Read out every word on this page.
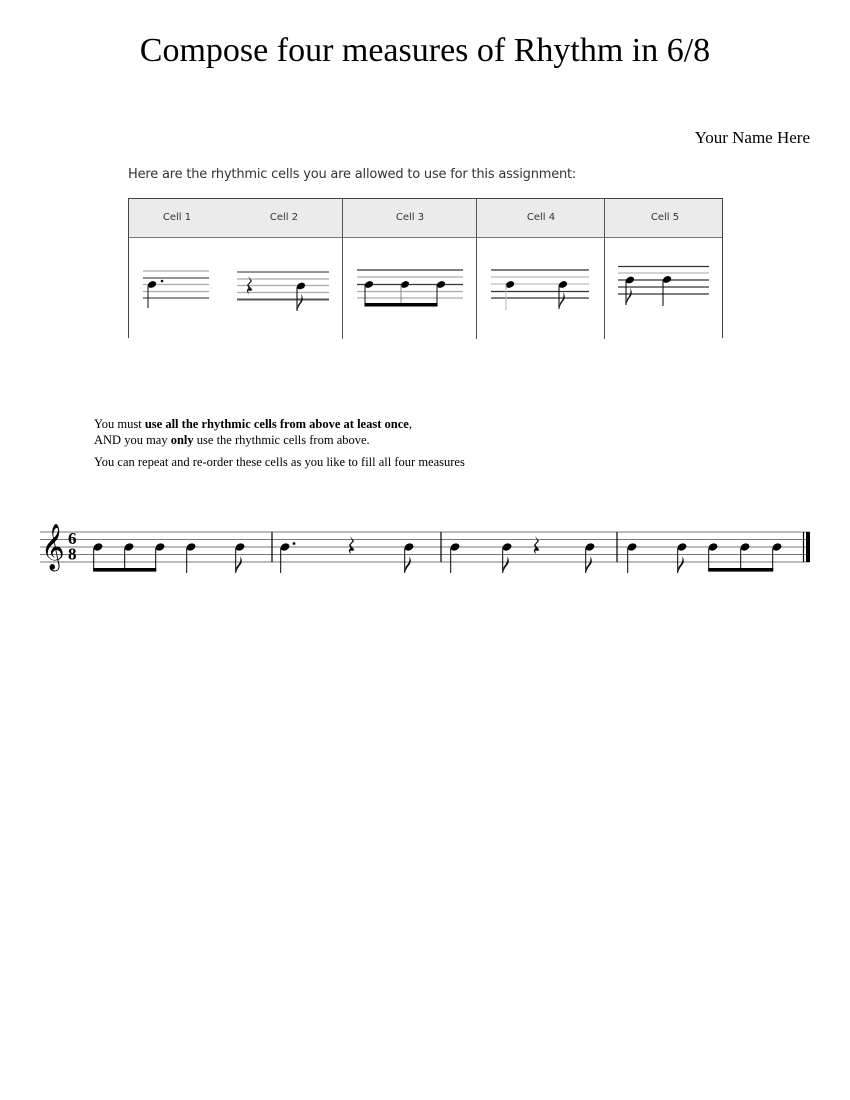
Compose four measures of Rhythm in 6/8
Your Name Here
Here are the rhythmic cells you are allowed to use for this assignment:
Cell 1	Cell 2	Cell 3	Cell 4	Cell 5

You must use all the rhythmic cells from above at least once,

AND you may only use the rhythmic cells from above.

You can repeat and re-order these cells as you like to fill all four measures

𝄞 6
8
